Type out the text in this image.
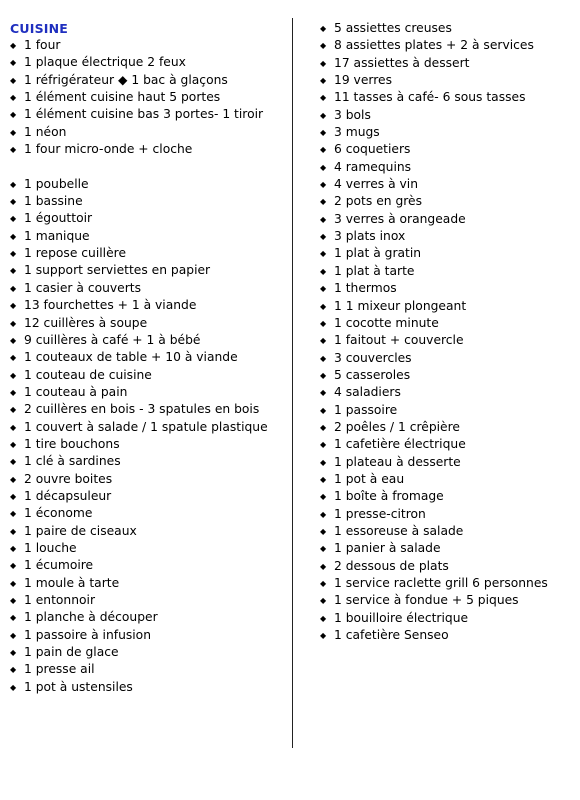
CUISINE
◆ 1 four
◆ 1 plaque électrique 2 feux
◆ 1 réfrigérateur ◆ 1 bac à glaçons
◆ 1 élément cuisine haut 5 portes
◆ 1 élément cuisine bas 3 portes- 1 tiroir
◆ 1 néon
◆ 1 four micro-onde + cloche
◆ 1 poubelle
◆ 1 bassine
◆ 1 égouttoir
◆ 1 manique
◆ 1 repose cuillère
◆ 1 support serviettes en papier
◆ 1 casier à couverts
◆ 13 fourchettes + 1 à viande
◆ 12 cuillères à soupe
◆ 9 cuillères à café + 1 à bébé
◆ 1 couteaux de table + 10 à viande
◆ 1 couteau de cuisine
◆ 1 couteau à pain
◆ 2 cuillères en bois - 3 spatules en bois
◆ 1 couvert à salade / 1 spatule plastique
◆ 1 tire bouchons
◆ 1 clé à sardines
◆ 2 ouvre boites
◆ 1 décapsuleur
◆ 1 économe
◆ 1 paire de ciseaux
◆ 1 louche
◆ 1 écumoire
◆ 1 moule à tarte
◆ 1 entonnoir
◆ 1 planche à découper
◆ 1 passoire à infusion
◆ 1 pain de glace
◆ 1 presse ail
◆ 1 pot à ustensiles
◆ 5 assiettes creuses
◆ 8 assiettes plates + 2 à services
◆ 17 assiettes à dessert
◆ 19 verres
◆ 11 tasses à café- 6 sous tasses
◆ 3 bols
◆ 3 mugs
◆ 6 coquetiers
◆ 4 ramequins
◆ 4 verres à vin
◆ 2 pots en grès
◆ 3 verres à orangeade
◆ 3 plats inox
◆ 1 plat à gratin
◆ 1 plat à tarte
◆ 1 thermos
◆ 1 1 mixeur plongeant
◆ 1 cocotte minute
◆ 1 faitout + couvercle
◆ 3 couvercles
◆ 5 casseroles
◆ 4 saladiers
◆ 1 passoire
◆ 2 poêles / 1 crêpière
◆ 1 cafetière électrique
◆ 1 plateau à desserte
◆ 1 pot à eau
◆ 1 boîte à fromage
◆ 1 presse-citron
◆ 1 essoreuse à salade
◆ 1 panier à salade
◆ 2 dessous de plats
◆ 1 service raclette grill 6 personnes
◆ 1 service à fondue + 5 piques
◆ 1 bouilloire électrique
◆ 1 cafetière Senseo
